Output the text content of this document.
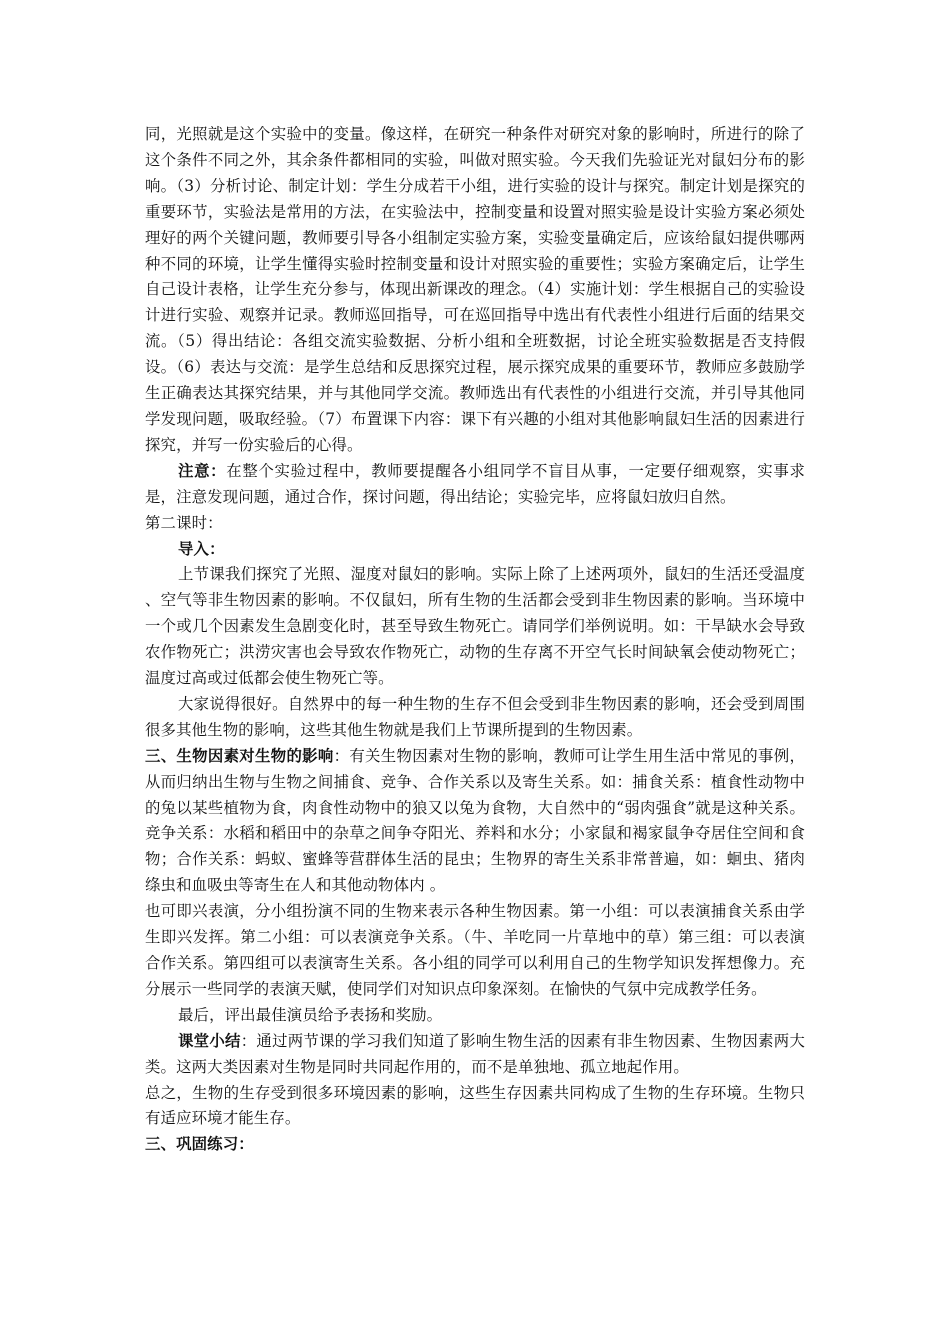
同，光照就是这个实验中的变量。像这样，在研究一种条件对研究对象的影响时，所进行的除了这个条件不同之外，其余条件都相同的实验，叫做对照实验。今天我们先验证光对鼠妇分布的影响。（3）分析讨论、制定计划：学生分成若干小组，进行实验的设计与探究。制定计划是探究的重要环节，实验法是常用的方法，在实验法中，控制变量和设置对照实验是设计实验方案必须处理好的两个关键问题，教师要引导各小组制定实验方案，实验变量确定后，应该给鼠妇提供哪两种不同的环境，让学生懂得实验时控制变量和设计对照实验的重要性；实验方案确定后，让学生自己设计表格，让学生充分参与，体现出新课改的理念。（4）实施计划：学生根据自己的实验设计进行实验、观察并记录。教师巡回指导，可在巡回指导中选出有代表性小组进行后面的结果交流。（5）得出结论：各组交流实验数据、分析小组和全班数据，讨论全班实验数据是否支持假设。（6）表达与交流：是学生总结和反思探究过程，展示探究成果的重要环节，教师应多鼓励学生正确表达其探究结果，并与其他同学交流。教师选出有代表性的小组进行交流，并引导其他同学发现问题，吸取经验。（7）布置课下内容：课下有兴趣的小组对其他影响鼠妇生活的因素进行探究，并写一份实验后的心得。

注意：在整个实验过程中，教师要提醒各小组同学不盲目从事，一定要仔细观察，实事求是，注意发现问题，通过合作，探讨问题，得出结论；实验完毕，应将鼠妇放归自然。

第二课时：

导入：

上节课我们探究了光照、湿度对鼠妇的影响。实际上除了上述两项外，鼠妇的生活还受温度 、空气等非生物因素的影响。不仅鼠妇，所有生物的生活都会受到非生物因素的影响。当环境中一个或几个因素发生急剧变化时，甚至导致生物死亡。请同学们举例说明。如：干旱缺水会导致农作物死亡；洪涝灾害也会导致农作物死亡，动物的生存离不开空气长时间缺氧会使动物死亡；温度过高或过低都会使生物死亡等。

大家说得很好。自然界中的每一种生物的生存不但会受到非生物因素的影响，还会受到周围很多其他生物的影响，这些其他生物就是我们上节课所提到的生物因素。

三、生物因素对生物的影响：有关生物因素对生物的影响，教师可让学生用生活中常见的事例，从而归纳出生物与生物之间捕食、竞争、合作关系以及寄生关系。如：捕食关系：植食性动物中的兔以某些植物为食，肉食性动物中的狼又以兔为食物，大自然中的“弱肉强食”就是这种关系。竞争关系：水稻和稻田中的杂草之间争夺阳光、养料和水分；小家鼠和褐家鼠争夺居住空间和食物；合作关系：蚂蚁、蜜蜂等营群体生活的昆虫；生物界的寄生关系非常普遍，如：蛔虫、猪肉绦虫和血吸虫等寄生在人和其他动物体内 。

也可即兴表演，分小组扮演不同的生物来表示各种生物因素。第一小组：可以表演捕食关系由学生即兴发挥。第二小组：可以表演竞争关系。（牛、羊吃同一片草地中的草）第三组：可以表演合作关系。第四组可以表演寄生关系。各小组的同学可以利用自己的生物学知识发挥想像力。充分展示一些同学的表演天赋，使同学们对知识点印象深刻。在愉快的气氛中完成教学任务。

最后，评出最佳演员给予表扬和奖励。

课堂小结：通过两节课的学习我们知道了影响生物生活的因素有非生物因素、生物因素两大类。这两大类因素对生物是同时共同起作用的，而不是单独地、孤立地起作用。

总之，生物的生存受到很多环境因素的影响，这些生存因素共同构成了生物的生存环境。生物只有适应环境才能生存。

三、巩固练习：
